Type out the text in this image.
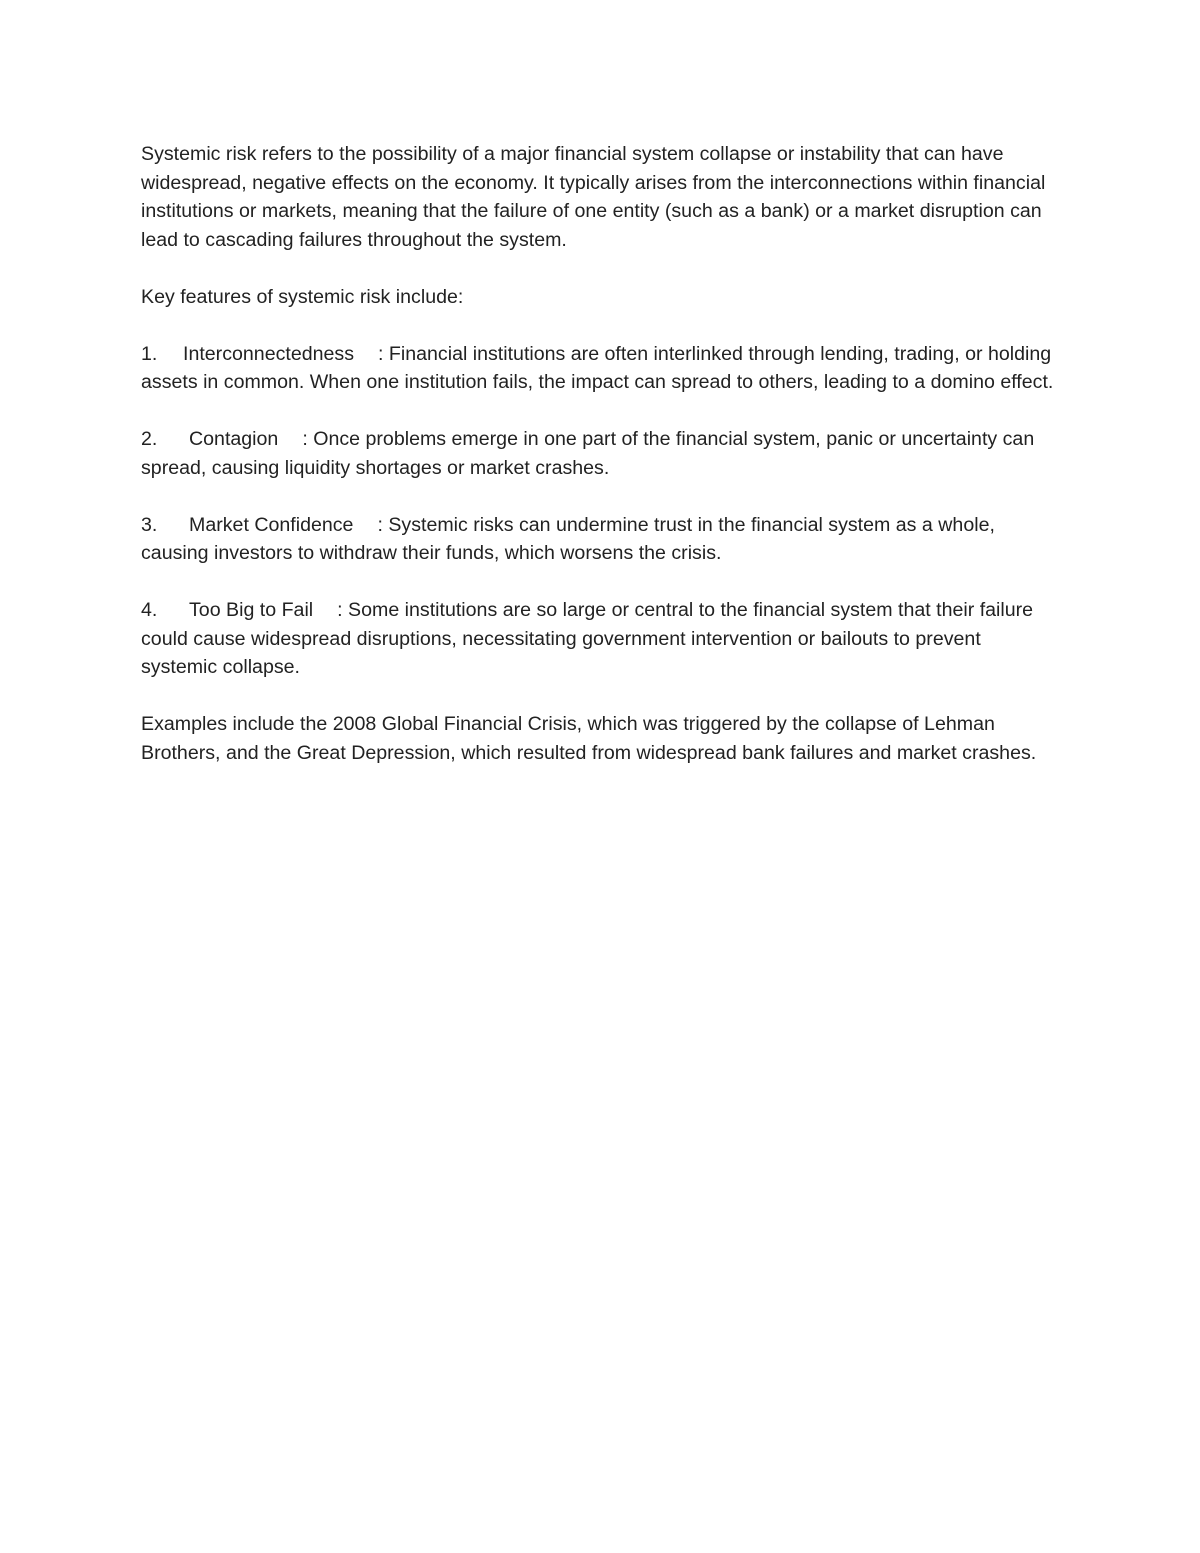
Systemic risk refers to the possibility of a major financial system collapse or instability that can have widespread, negative effects on the economy. It typically arises from the interconnections within financial institutions or markets, meaning that the failure of one entity (such as a bank) or a market disruption can lead to cascading failures throughout the system.

Key features of systemic risk include:

1. Interconnectedness : Financial institutions are often interlinked through lending, trading, or holding assets in common. When one institution fails, the impact can spread to others, leading to a domino effect.

2. Contagion : Once problems emerge in one part of the financial system, panic or uncertainty can spread, causing liquidity shortages or market crashes.

3. Market Confidence : Systemic risks can undermine trust in the financial system as a whole, causing investors to withdraw their funds, which worsens the crisis.

4. Too Big to Fail : Some institutions are so large or central to the financial system that their failure could cause widespread disruptions, necessitating government intervention or bailouts to prevent systemic collapse.

Examples include the 2008 Global Financial Crisis, which was triggered by the collapse of Lehman Brothers, and the Great Depression, which resulted from widespread bank failures and market crashes.
